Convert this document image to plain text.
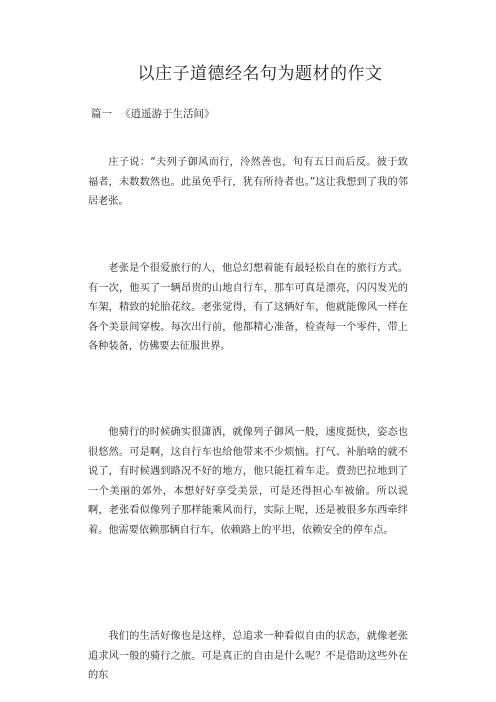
以庄子道德经名句为题材的作文
篇一 《逍遥游于生活间》

庄子说：“夫列子御风而行，泠然善也，旬有五日而后反。彼于致福者，未数数然也。此虽免乎行，犹有所待者也。”这让我想到了我的邻居老张。

老张是个很爱旅行的人，他总幻想着能有最轻松自在的旅行方式。有一次，他买了一辆昂贵的山地自行车，那车可真是漂亮，闪闪发光的车架，精致的轮胎花纹。老张觉得，有了这辆好车，他就能像风一样在各个美景间穿梭。每次出行前，他都精心准备，检查每一个零件，带上各种装备，仿佛要去征服世界。

他骑行的时候确实很潇洒，就像列子御风一般，速度挺快，姿态也很悠然。可是啊，这自行车也给他带来不少烦恼。打气、补胎啥的就不说了，有时候遇到路况不好的地方，他只能扛着车走。费劲巴拉地到了一个美丽的郊外，本想好好享受美景，可是还得担心车被偷。所以说啊，老张看似像列子那样能乘风而行，实际上呢，还是被很多东西牵绊着。他需要依赖那辆自行车，依赖路上的平坦，依赖安全的停车点。

我们的生活好像也是这样，总追求一种看似自由的状态，就像老张追求风一般的骑行之旅。可是真正的自由是什么呢？不是借助这些外在的东
